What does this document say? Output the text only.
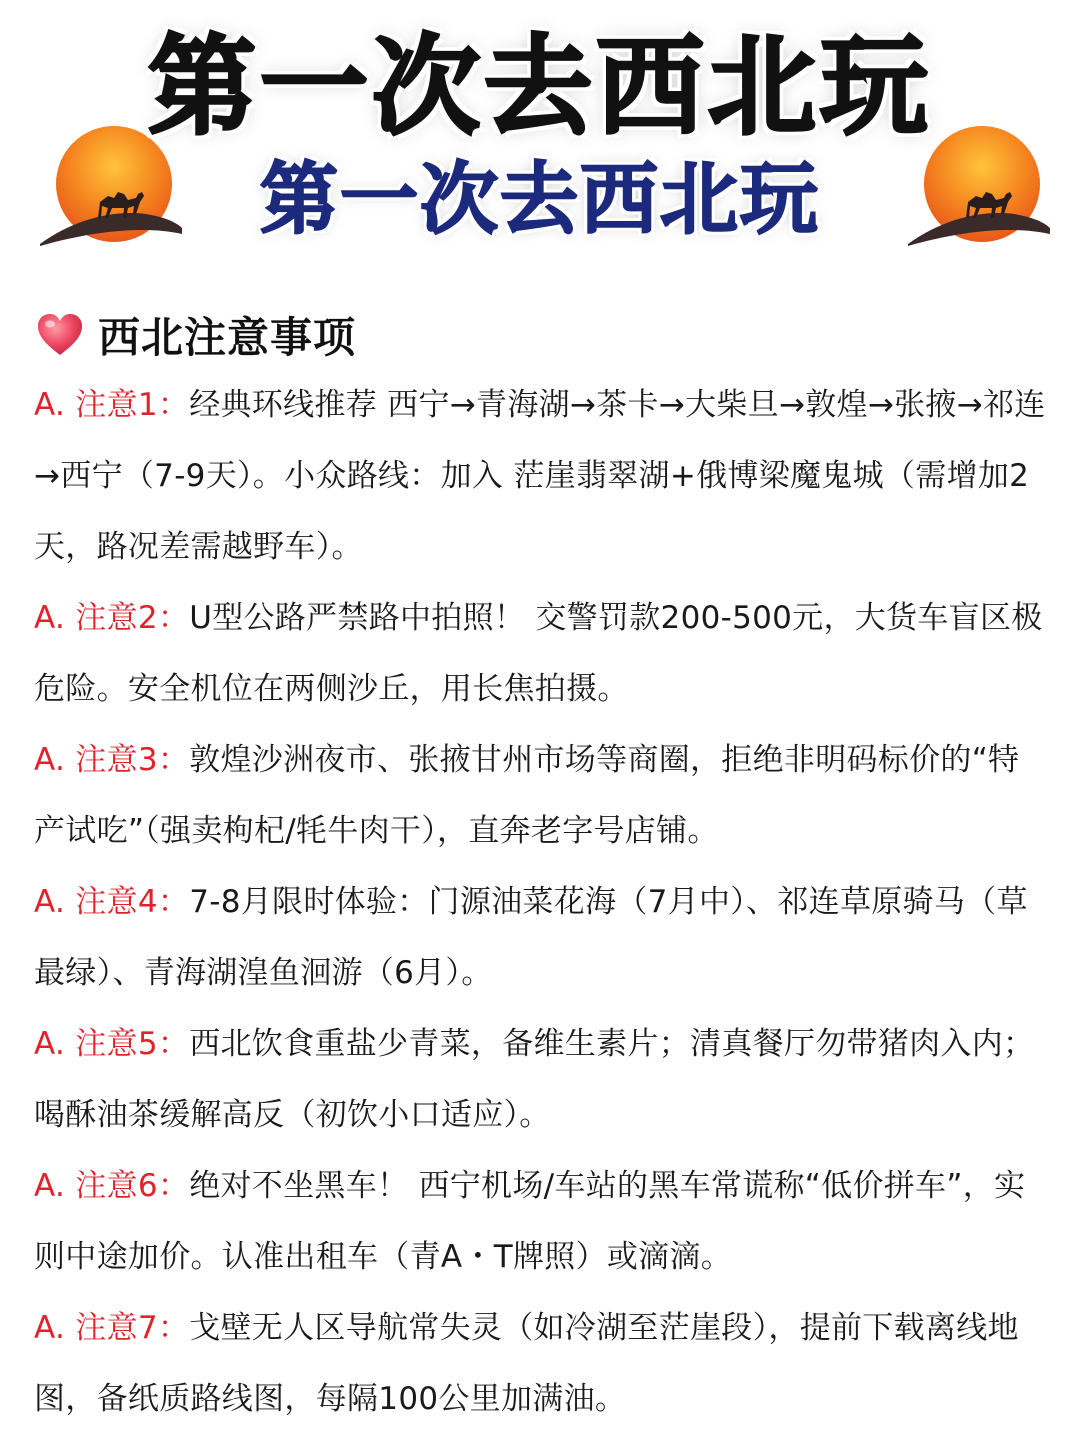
第一次去西北玩
第一次去西北玩
西北注意事项
A. 注意1：经典环线推荐 西宁→青海湖→茶卡→大柴旦→敦煌→张掖→祁连→西宁（7-9天）。小众路线：加入 茫崖翡翠湖+俄博梁魔鬼城（需增加2天，路况差需越野车）。
A. 注意2：U型公路严禁路中拍照！ 交警罚款200-500元，大货车盲区极危险。安全机位在两侧沙丘，用长焦拍摄。
A. 注意3：敦煌沙洲夜市、张掖甘州市场等商圈，拒绝非明码标价的“特产试吃”（强卖枸杞/牦牛肉干），直奔老字号店铺。
A. 注意4：7-8月限时体验：门源油菜花海（7月中）、祁连草原骑马（草最绿）、青海湖湟鱼洄游（6月）。
A. 注意5：西北饮食重盐少青菜，备维生素片；清真餐厅勿带猪肉入内；喝酥油茶缓解高反（初饮小口适应）。
A. 注意6：绝对不坐黑车！ 西宁机场/车站的黑车常谎称“低价拼车”，实则中途加价。认准出租车（青A・T牌照）或滴滴。
A. 注意7：戈壁无人区导航常失灵（如冷湖至茫崖段），提前下载离线地图，备纸质路线图，每隔100公里加满油。
